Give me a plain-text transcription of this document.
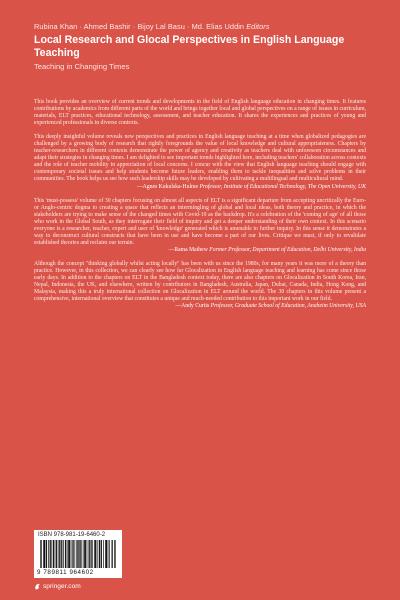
Rubina Khan · Ahmed Bashir · Bijoy Lal Basu · Md. Elias Uddin Editors
Local Research and Glocal Perspectives in English Language Teaching
Teaching in Changing Times
This book provides an overview of current trends and developments in the field of English language education in changing times. It features contributions by academics from different parts of the world and brings together local and global perspectives on a range of issues in curriculum, materials, ELT practices, educational technology, assessment, and teacher education. It shares the experiences and practices of young and experienced professionals in diverse contexts.
This deeply insightful volume reveals new perspectives and practices in English language teaching at a time when globalized pedagogies are challenged by a growing body of research that rightly foregrounds the value of local knowledge and cultural appropriateness. Chapters by teacher-researchers in different contexts demonstrate the power of agency and creativity as teachers deal with unforeseen circumstances and adapt their strategies in changing times. I am delighted to see important trends highlighted here, including teachers' collaboration across contexts and the role of teacher mobility in appreciation of local concerns. I concur with the view that English language teaching should engage with contemporary societal issues and help students become future leaders, enabling them to tackle inequalities and solve problems in their communities. The book helps us see how such leadership skills may be developed by cultivating a multilingual and multicultural mind.
—Agnes Kukulska-Hulme Professor, Institute of Educational Technology, The Open University, UK
This 'must-possess' volume of 30 chapters focusing on almost all aspects of ELT is a significant departure from accepting uncritically the Euro- or Anglo-centric dogma to creating a space that reflects an intermingling of global and local ideas, both theory and practice, in which the stakeholders are trying to make sense of the changed times with Covid-19 as the backdrop. It's a celebration of the 'coming of age' of all those who work in the Global South, as they interrogate their field of inquiry and get a deeper understanding of their own context. In this scenario everyone is a researcher, teacher, expert and user of 'knowledge' generated which is amenable to further inquiry. In this sense it demonstrates a way to deconstruct cultural constructs that have been in use and have become a part of our lives. Critique we must, if only to revalidate established theories and reclaim our terrain.
—Rama Mathew Former Professor, Department of Education, Delhi University, India
Although the concept "thinking globally whilst acting locally" has been with us since the 1980s, for many years it was more of a theory than practice. However, in this collection, we can clearly see how far Glocalization in English language teaching and learning has come since those early days. In addition to the chapters on ELT in the Bangladesh context today, there are also chapters on Glocalization in South Korea, Iran, Nepal, Indonesia, the UK, and elsewhere, written by contributors in Bangladesh, Australia, Japan, Dubai, Canada, India, Hong Kong, and Malaysia, making this a truly international collection on Glocalization in ELT around the world. The 30 chapters in this volume present a comprehensive, international overview that constitutes a unique and much-needed contribution to this important work in our field.
—Andy Curtis Professor, Graduate School of Education, Anaheim University, USA
ISBN 978-981-19-6460-2
9 789811 964602
springer.com
